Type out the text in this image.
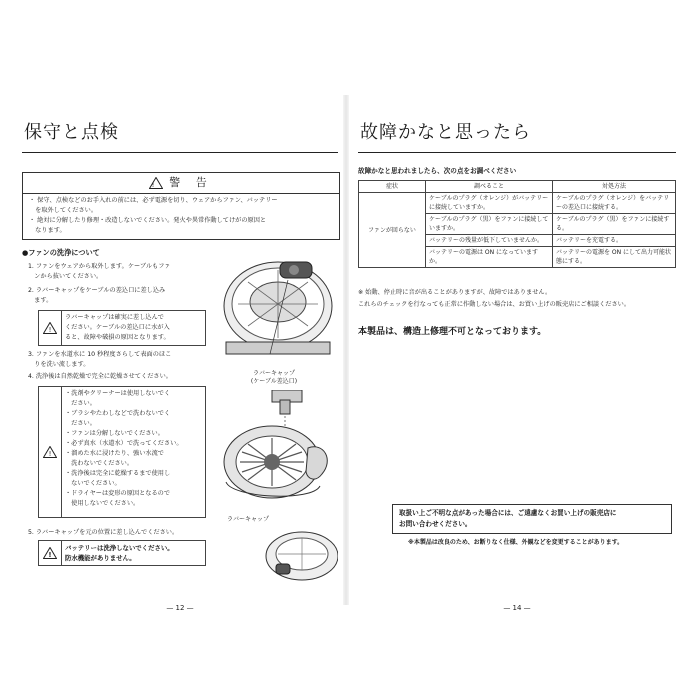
保守と点検
! 警 告
・ 保守、点検などのお手入れの前には、必ず電源を切り、ウェアからファン、バッテリー
　を取外してください。
・ 絶対に分解したり修理・改造しないでください。発火や異常作動してけがの原因と
　なります。
●ファンの洗浄について
1. ファンをウェアから取外します。ケーブルもファ
　ンから抜いてください。
2. ラバーキャップをケーブルの差込口に差し込み
　ます。
!
ラバーキャップは確実に差し込んで
ください。ケーブルの差込口に水が入
ると、故障や破損の原因となります。
3. ファンを水道水に 10 秒程度さらして表面のほこ
　りを洗い流します。
4. 洗浄後は自然乾燥で完全に乾燥させてください。
!
・洗剤やクリーナーは使用しないでく
　ださい。
・ブラシやたわしなどで洗わないでく
　ださい。
・ファンは分解しないでください。
・必ず真水（水道水）で洗ってください。
・溜めた水に浸けたり、強い水流で
　洗わないでください。
・洗浄後は完全に乾燥するまで使用し
　ないでください。
・ドライヤーは変形の原因となるので
　使用しないでください。
5. ラバーキャップを元の位置に差し込んでください。
!
バッテリーは洗浄しないでください。
防水機能がありません。
ラバーキャップ
(ケーブル差込口)
ラバーキャップ
— 12 —
故障かなと思ったら
故障かなと思われましたら、次の点をお調べください
症状	調べること	対処方法
ファンが回らない	ケーブルのプラグ（オレンジ）がバッテリーに接続していますか。	ケーブルのプラグ（オレンジ）をバッテリーの差込口に接続する。
	ケーブルのプラグ（黒）をファンに接続していますか。	ケーブルのプラグ（黒）をファンに接続する。
	バッテリーの残量が低下していませんか。	バッテリーを充電する。
	バッテリーの電源は ON になっていますか。	バッテリーの電源を ON にして出力可能状態にする。
※ 始動、停止時に音が出ることがありますが、故障ではありません。
これらのチェックを行なっても正常に作動しない場合は、お買い上げの販売店にご相談ください。
本製品は、構造上修理不可となっております。
取扱い上ご不明な点があった場合には、ご遠慮なくお買い上げの販売店に
お問い合わせください。
※本製品は改良のため、お断りなく仕様、外観などを変更することがあります。
— 14 —
